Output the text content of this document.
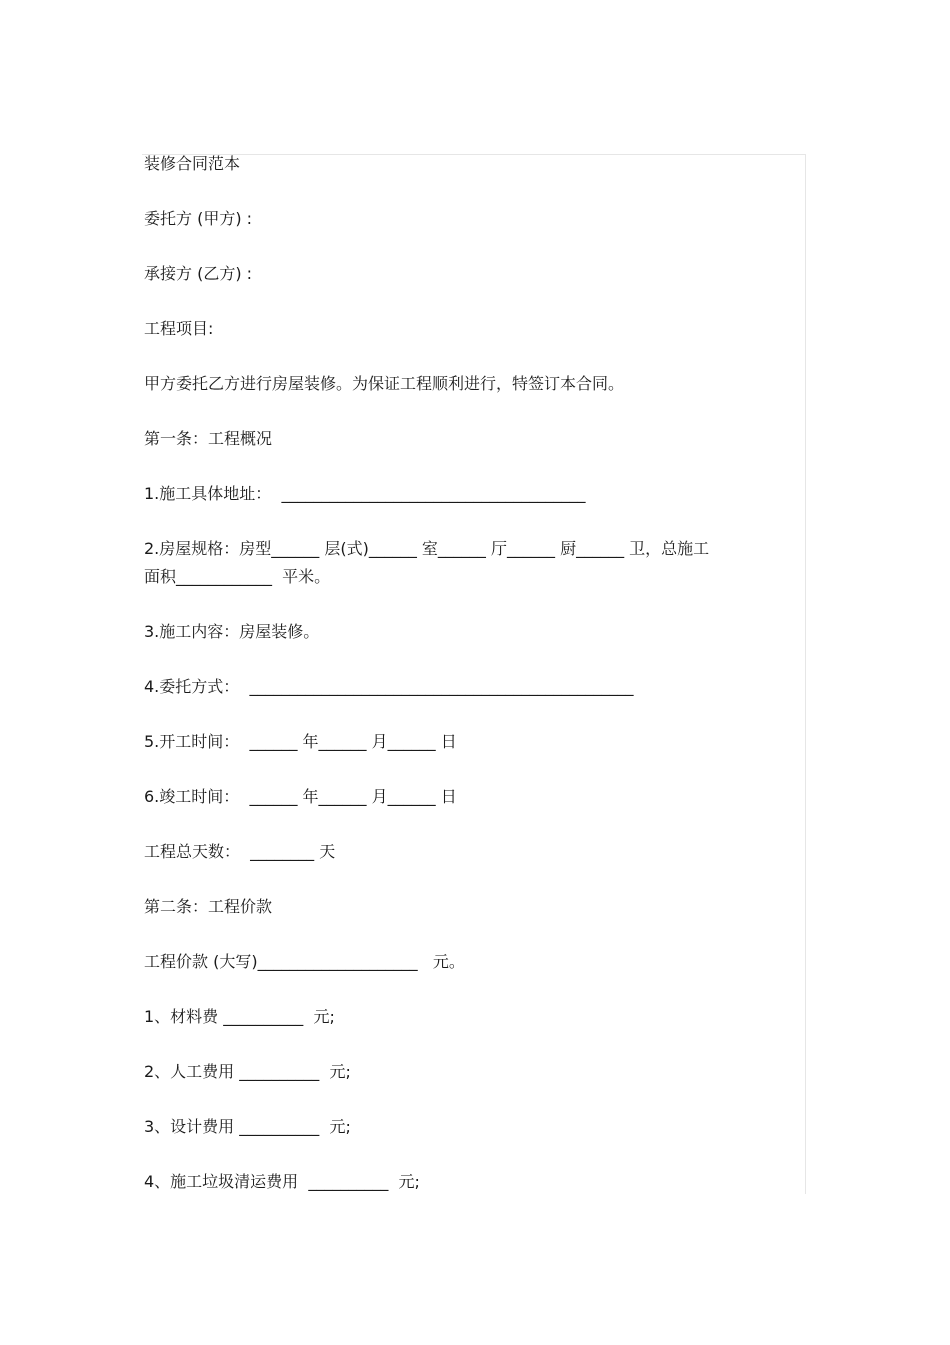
装修合同范本

委托方 (甲方) :

承接方 (乙方) :

工程项目:

甲方委托乙方进行房屋装修。为保证工程顺利进行，特签订本合同。

第一条：工程概况

1.施工具体地址：  ______________________________________

2.房屋规格：房型______ 层(式)______ 室______ 厅______ 厨______ 卫，总施工
面积____________  平米。

3.施工内容：房屋装修。

4.委托方式：  ________________________________________________

5.开工时间：  ______ 年______ 月______ 日

6.竣工时间：  ______ 年______ 月______ 日

工程总天数：  ________ 天

第二条：工程价款

工程价款 (大写)____________________   元。

1、材料费 __________  元;

2、人工费用 __________  元;

3、设计费用 __________  元;

4、施工垃圾清运费用  __________  元;
